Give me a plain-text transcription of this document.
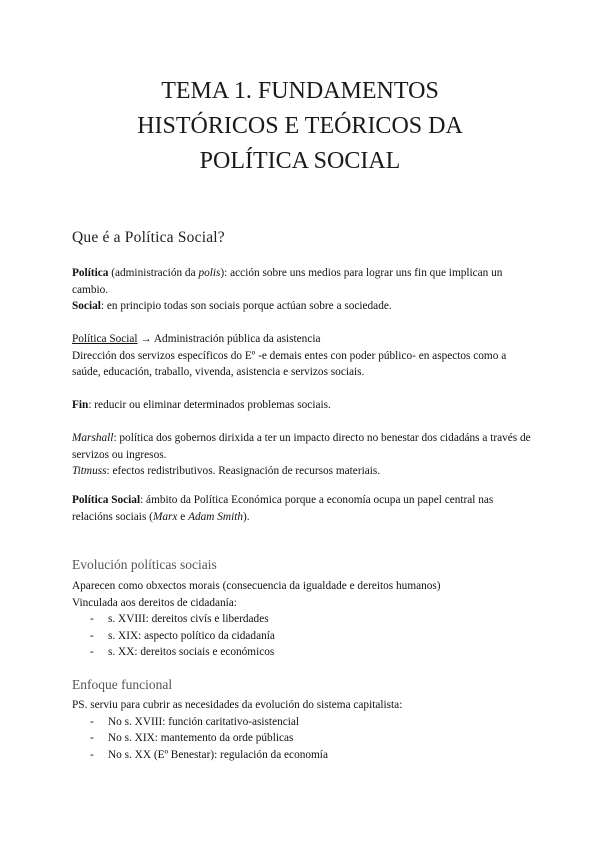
TEMA 1. FUNDAMENTOS
HISTÓRICOS E TEÓRICOS DA
POLÍTICA SOCIAL
Que é a Política Social?

Política (administración da polis): acción sobre uns medios para lograr uns fin que implican un cambio.

Social: en principio todas son sociais porque actúan sobre a sociedade.

Política Social → Administración pública da asistencia

Dirección dos servizos específicos do Eº -e demais entes con poder público- en aspectos como a saúde, educación, traballo, vivenda, asistencia e servizos sociais.

Fin: reducir ou eliminar determinados problemas sociais.

Marshall: política dos gobernos dirixida a ter un impacto directo no benestar dos cidadáns a través de servizos ou ingresos.

Titmuss: efectos redistributivos. Reasignación de recursos materiais.

Política Social: ámbito da Política Económica porque a economía ocupa un papel central nas relacións sociais (Marx e Adam Smith).

Evolución políticas sociais

Aparecen como obxectos morais (consecuencia da igualdade e dereitos humanos)

Vinculada aos dereitos de cidadanía:

- s. XVIII: dereitos civís e liberdades
- s. XIX: aspecto político da cidadanía
- s. XX: dereitos sociais e económicos
Enfoque funcional

PS. serviu para cubrir as necesidades da evolución do sistema capitalista:

- No s. XVIII: función caritativo-asistencial
- No s. XIX: mantemento da orde públicas
- No s. XX (Eº Benestar): regulación da economía
